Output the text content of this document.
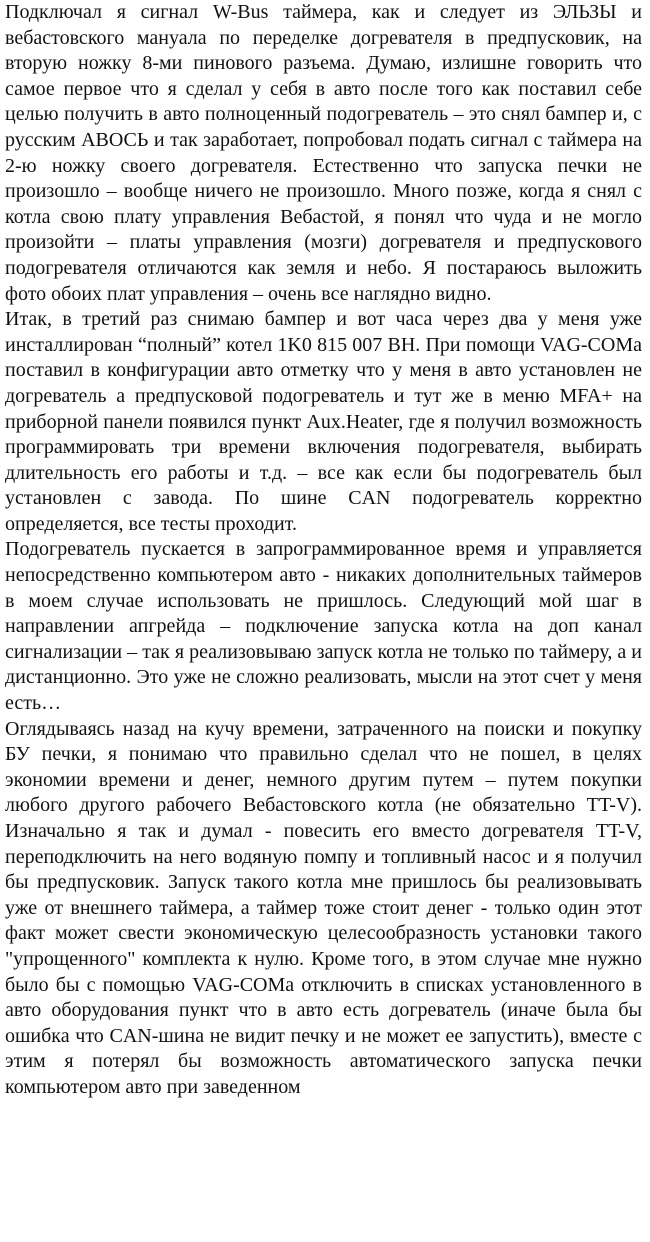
Подключал я сигнал W-Bus таймера, как и следует из ЭЛЬЗЫ и вебастовского мануала по переделке догревателя в предпусковик, на вторую ножку 8-ми пинового разъема. Думаю, излишне говорить что самое первое что я сделал у себя в авто после того как поставил себе целью получить в авто полноценный подогреватель – это снял бампер и, с русским АВОСЬ и так заработает, попробовал подать сигнал с таймера на 2-ю ножку своего догревателя. Естественно что запуска печки не произошло – вообще ничего не произошло. Много позже, когда я снял с котла свою плату управления Вебастой, я понял что чуда и не могло произойти – платы управления (мозги) догревателя и предпускового подогревателя отличаются как земля и небо. Я постараюсь выложить фото обоих плат управления – очень все наглядно видно.

Итак, в третий раз снимаю бампер и вот часа через два у меня уже инсталлирован “полный” котел 1K0 815 007 BH. При помощи VAG-COMа поставил в конфигурации авто отметку что у меня в авто установлен не догреватель а предпусковой подогреватель и тут же в меню MFA+ на приборной панели появился пункт Aux.Heater, где я получил возможность программировать три времени включения подогревателя, выбирать длительность его работы и т.д. – все как если бы подогреватель был установлен с завода. По шине CAN подогреватель корректно определяется, все тесты проходит.

Подогреватель пускается в запрограммированное время и управляется непосредственно компьютером авто - никаких дополнительных таймеров в моем случае использовать не пришлось. Следующий мой шаг в направлении апгрейда – подключение запуска котла на доп канал сигнализации – так я реализовываю запуск котла не только по таймеру, а и дистанционно. Это уже не сложно реализовать, мысли на этот счет у меня есть…

Оглядываясь назад на кучу времени, затраченного на поиски и покупку БУ печки, я понимаю что правильно сделал что не пошел, в целях экономии времени и денег, немного другим путем – путем покупки любого другого рабочего Вебастовского котла (не обязательно TT-V). Изначально я так и думал - повесить его вместо догревателя TT-V, переподключить на него водяную помпу и топливный насос и я получил бы предпусковик. Запуск такого котла мне пришлось бы реализовывать уже от внешнего таймера, а таймер тоже стоит денег - только один этот факт может свести экономическую целесообразность установки такого "упрощенного" комплекта к нулю. Кроме того, в этом случае мне нужно было бы с помощью VAG-COMа отключить в списках установленного в авто оборудования пункт что в авто есть догреватель (иначе была бы ошибка что CAN-шина не видит печку и не может ее запустить), вместе с этим я потерял бы возможность автоматического запуска печки компьютером авто при заведенном
